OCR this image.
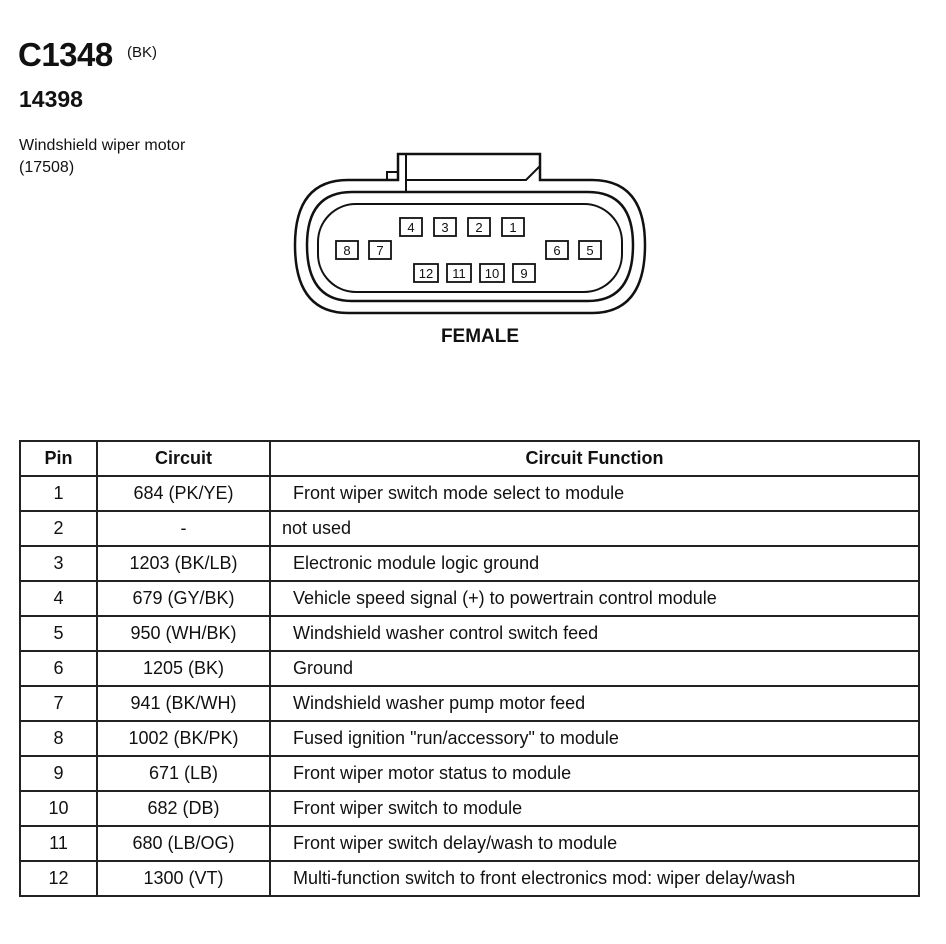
C1348 (BK)
14398
Windshield wiper motor
(17508)
4 3 2 1
8 7	6 5
12 11 10 9
FEMALE
Pin	Circuit	Circuit Function
1	684 (PK/YE)	Front wiper switch mode select to module
2	-	not used
3	1203 (BK/LB)	Electronic module logic ground
4	679 (GY/BK)	Vehicle speed signal (+) to powertrain control module
5	950 (WH/BK)	Windshield washer control switch feed
6	1205 (BK)	Ground
7	941 (BK/WH)	Windshield washer pump motor feed
8	1002 (BK/PK)	Fused ignition "run/accessory" to module
9	671 (LB)	Front wiper motor status to module
10	682 (DB)	Front wiper switch to module
11	680 (LB/OG)	Front wiper switch delay/wash to module
12	1300 (VT)	Multi-function switch to front electronics mod: wiper delay/wash
